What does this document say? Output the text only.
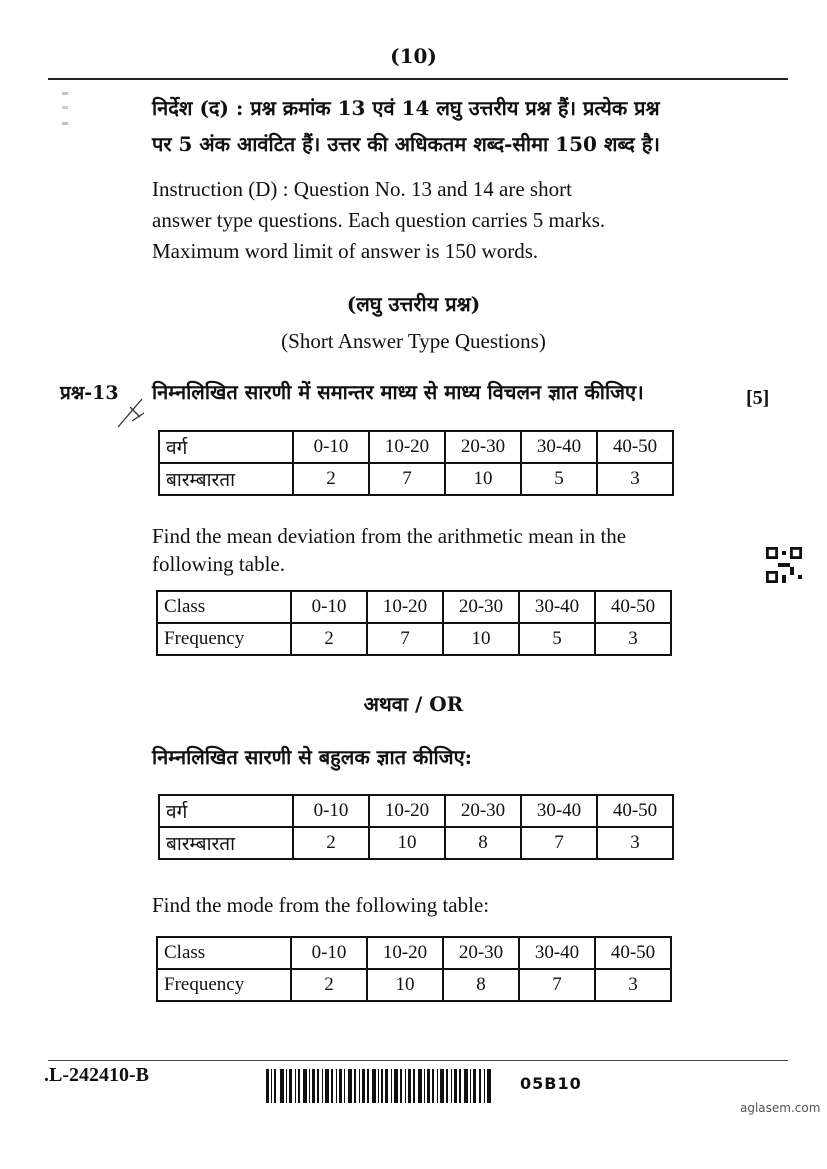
(10)
निर्देश (द) : प्रश्न क्रमांक 13 एवं 14 लघु उत्तरीय प्रश्न हैं। प्रत्येक प्रश्न
पर 5 अंक आवंटित हैं। उत्तर की अधिकतम शब्द-सीमा 150 शब्द है।
Instruction (D) : Question No. 13 and 14 are short
answer type questions. Each question carries 5 marks.
Maximum word limit of answer is 150 words.
(लघु उत्तरीय प्रश्न)
(Short Answer Type Questions)
प्रश्न-13 निम्नलिखित सारणी में समान्तर माध्य से माध्य विचलन ज्ञात कीजिए।	[5]
वर्ग	0-10	10-20	20-30	30-40	40-50
बारम्बारता	2	7	10	5	3
Find the mean deviation from the arithmetic mean in the
following table.
Class	0-10	10-20	20-30	30-40	40-50
Frequency	2	7	10	5	3
अथवा / OR
निम्नलिखित सारणी से बहुलक ज्ञात कीजिए:
वर्ग	0-10	10-20	20-30	30-40	40-50
बारम्बारता	2	10	8	7	3
Find the mode from the following table:
Class	0-10	10-20	20-30	30-40	40-50
Frequency	2	10	8	7	3
.L-242410-B	05B10
aglasem.com
